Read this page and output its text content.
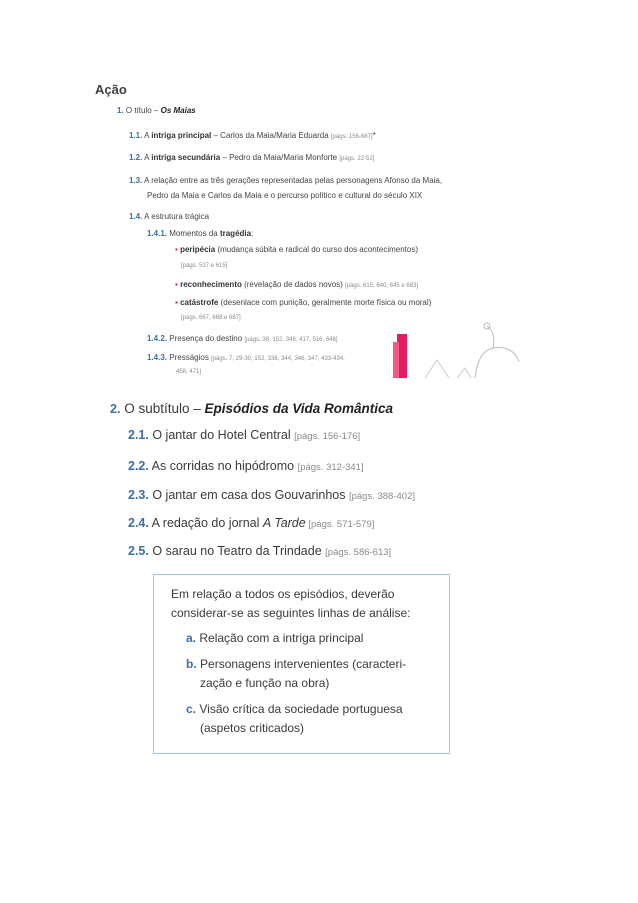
Ação
1. O título – Os Maias
1.1. A intriga principal – Carlos da Maia/Maria Eduarda [págs. 156-687]*
1.2. A intriga secundária – Pedro da Maia/Maria Monforte [págs. 22-52]
1.3. A relação entre as três gerações representadas pelas personagens Afonso da Maia,
Pedro da Maia e Carlos da Maia e o percurso político e cultural do século XIX
1.4. A estrutura trágica
1.4.1. Momentos da tragédia:
▪ peripécia (mudança súbita e radical do curso dos acontecimentos)
[págs. 537 e 615]
▪ reconhecimento (revelação de dados novos) [págs. 615, 640, 645 e 683]
▪ catástrofe (desenlace com punição, geralmente morte física ou moral)
[págs. 667, 668 e 687]
1.4.2. Presença do destino [págs. 38, 152, 346, 417, 516, 646]
1.4.3. Presságios [págs. 7, 29-30, 152, 336, 344, 346, 347, 433-434,
458, 471]
2. O subtítulo – Episódios da Vida Romântica
2.1. O jantar do Hotel Central [págs. 156-176]
2.2. As corridas no hipódromo [págs. 312-341]
2.3. O jantar em casa dos Gouvarinhos [págs. 388-402]
2.4. A redação do jornal A Tarde [págs. 571-579]
2.5. O sarau no Teatro da Trindade [págs. 586-613]
Em relação a todos os episódios, deverão
considerar-se as seguintes linhas de análise:
a. Relação com a intriga principal
b. Personagens intervenientes (caracteri-
zação e função na obra)
c. Visão crítica da sociedade portuguesa
(aspetos criticados)
